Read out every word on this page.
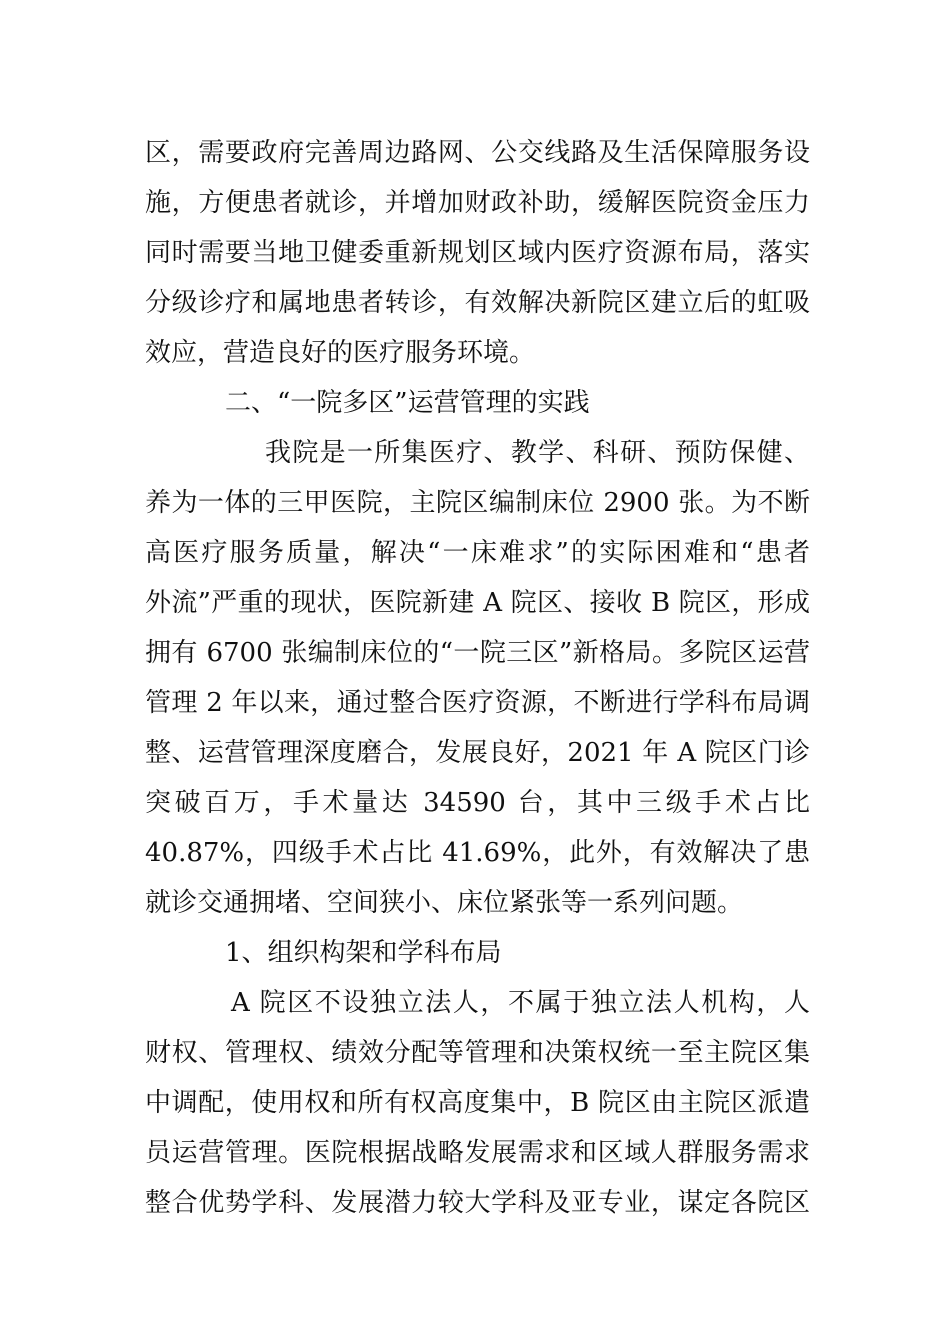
区，需要政府完善周边路网、公交线路及生活保障服务设
施，方便患者就诊，并增加财政补助，缓解医院资金压力
同时需要当地卫健委重新规划区域内医疗资源布局，落实
分级诊疗和属地患者转诊，有效解决新院区建立后的虹吸
效应，营造良好的医疗服务环境。
二、“一院多区”运营管理的实践
我院是一所集医疗、教学、科研、预防保健、
养为一体的三甲医院，主院区编制床位 2900 张。为不断
高医疗服务质量，解决“一床难求”的实际困难和“患者
外流”严重的现状，医院新建 A 院区、接收 B 院区，形成
拥有 6700 张编制床位的“一院三区”新格局。多院区运营
管理 2 年以来，通过整合医疗资源，不断进行学科布局调
整、运营管理深度磨合，发展良好，2021 年 A 院区门诊
突破百万，手术量达 34590 台，其中三级手术占比
40.87%，四级手术占比 41.69%，此外，有效解决了患
就诊交通拥堵、空间狭小、床位紧张等一系列问题。
1、组织构架和学科布局
A 院区不设独立法人，不属于独立法人机构，人
财权、管理权、绩效分配等管理和决策权统一至主院区集
中调配，使用权和所有权高度集中，B 院区由主院区派遣
员运营管理。医院根据战略发展需求和区域人群服务需求
整合优势学科、发展潜力较大学科及亚专业，谋定各院区
